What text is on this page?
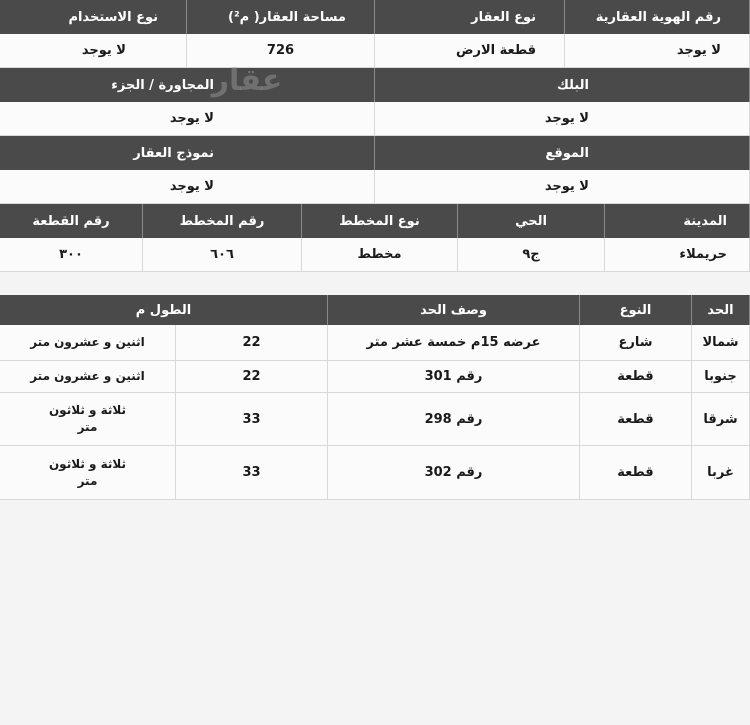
رقم الهوية العقارية
نوع العقار
مساحة العقار( م²)
نوع الاستخدام
لا يوجد
قطعة الارض
726
لا يوجد
البلك
المجاورة / الجزء
لا يوجد
لا يوجد
الموقع
نموذج العقار
لا يوجد
لا يوجد
المدينة
الحي
نوع المخطط
رقم المخطط
رقم القطعة
حريملاء
ج٩
مخطط
٦٠٦
٣٠٠
عقار
الحد
النوع
وصف الحد
الطول م
شمالا
شارع
عرضه 15م خمسة عشر متر
22
اثنين و عشرون متر
جنوبا
قطعة
رقم 301
22
اثنين و عشرون متر
شرقا
قطعة
رقم 298
33
ثلاثة و ثلاثون
متر
غربا
قطعة
رقم 302
33
ثلاثة و ثلاثون
متر
